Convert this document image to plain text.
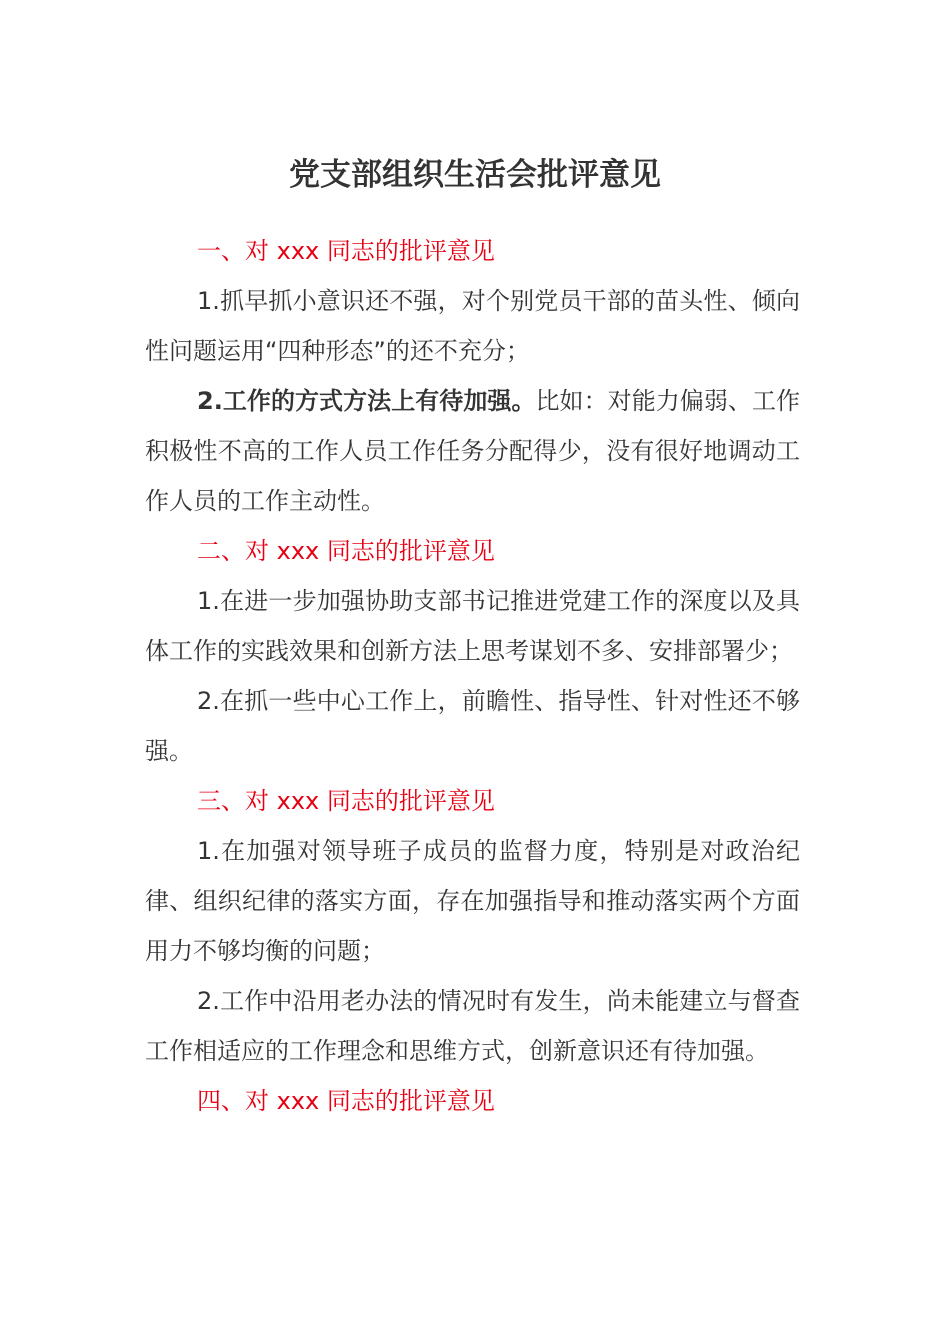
党支部组织生活会批评意见

一、对 xxx 同志的批评意见

1.抓早抓小意识还不强，对个别党员干部的苗头性、倾向性问题运用“四种形态”的还不充分；

2.工作的方式方法上有待加强。比如：对能力偏弱、工作积极性不高的工作人员工作任务分配得少，没有很好地调动工作人员的工作主动性。

二、对 xxx 同志的批评意见

1.在进一步加强协助支部书记推进党建工作的深度以及具体工作的实践效果和创新方法上思考谋划不多、安排部署少；

2.在抓一些中心工作上，前瞻性、指导性、针对性还不够强。

三、对 xxx 同志的批评意见

1.在加强对领导班子成员的监督力度，特别是对政治纪律、组织纪律的落实方面，存在加强指导和推动落实两个方面用力不够均衡的问题；

2.工作中沿用老办法的情况时有发生，尚未能建立与督查工作相适应的工作理念和思维方式，创新意识还有待加强。

四、对 xxx 同志的批评意见
